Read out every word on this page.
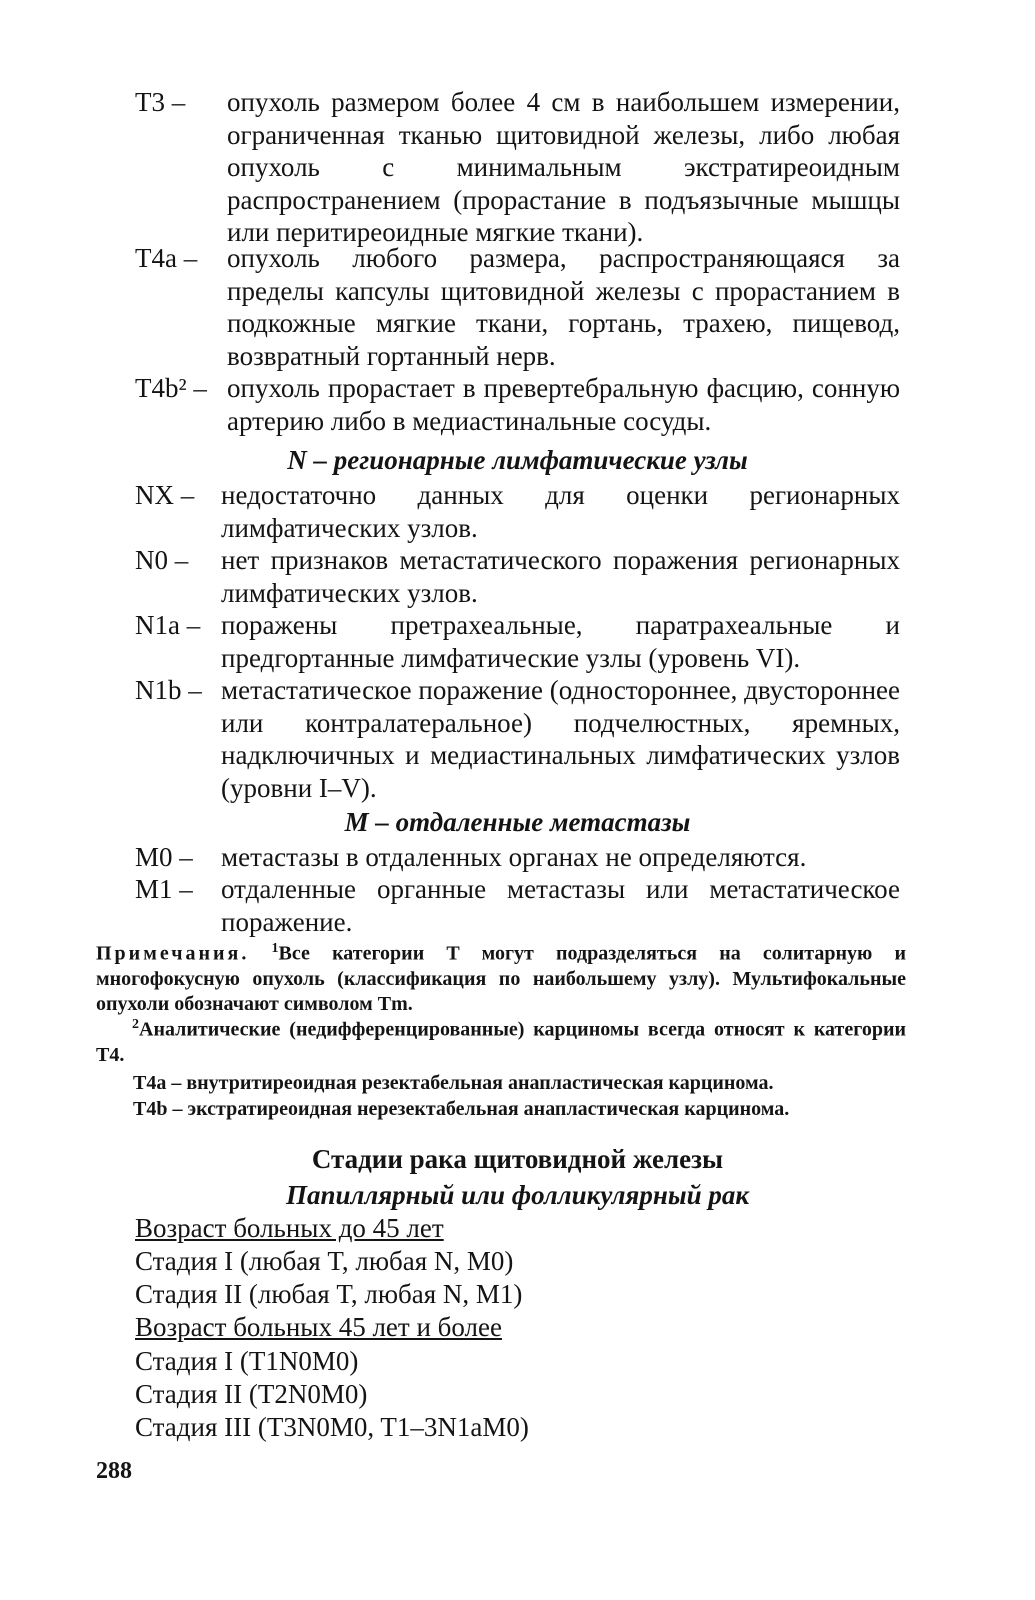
T3 – опухоль размером более 4 см в наибольшем измерении, ограниченная тканью щитовидной железы, либо любая опухоль с минимальным экстратиреоидным распространением (прорастание в подъязычные мышцы или перитиреоидные мягкие ткани).
T4a – опухоль любого размера, распространяющаяся за пределы капсулы щитовидной железы с прорастанием в подкожные мягкие ткани, гортань, трахею, пищевод, возвратный гортанный нерв.
T4b² – опухоль прорастает в превертебральную фасцию, сонную артерию либо в медиастинальные сосуды.
N – регионарные лимфатические узлы
NX – недостаточно данных для оценки регионарных лимфатических узлов.
N0 – нет признаков метастатического поражения регионарных лимфатических узлов.
N1a – поражены претрахеальные, паратрахеальные и предгортанные лимфатические узлы (уровень VI).
N1b – метастатическое поражение (одностороннее, двустороннее или контралатеральное) подчелюстных, яремных, надключичных и медиастинальных лимфатических узлов (уровни I–V).
M – отдаленные метастазы
M0 – метастазы в отдаленных органах не определяются.
M1 – отдаленные органные метастазы или метастатическое поражение.
Примечания. $^1$Все категории T могут подразделяться на солитарную и многофокусную опухоль (классификация по наибольшему узлу). Мультифокальные опухоли обозначают символом Tm.
$^2$Аналитические (недифференцированные) карциномы всегда относят к категории T4.
T4a – внутритиреоидная резектабельная анапластическая карцинома.
T4b – экстратиреоидная нерезектабельная анапластическая карцинома.
Стадии рака щитовидной железы
Папиллярный или фолликулярный рак
Возраст больных до 45 лет
Стадия I (любая T, любая N, M0)
Стадия II (любая T, любая N, M1)
Возраст больных 45 лет и более
Стадия I (T1N0M0)
Стадия II (T2N0M0)
Стадия III (T3N0M0, T1–3N1aM0)
288
